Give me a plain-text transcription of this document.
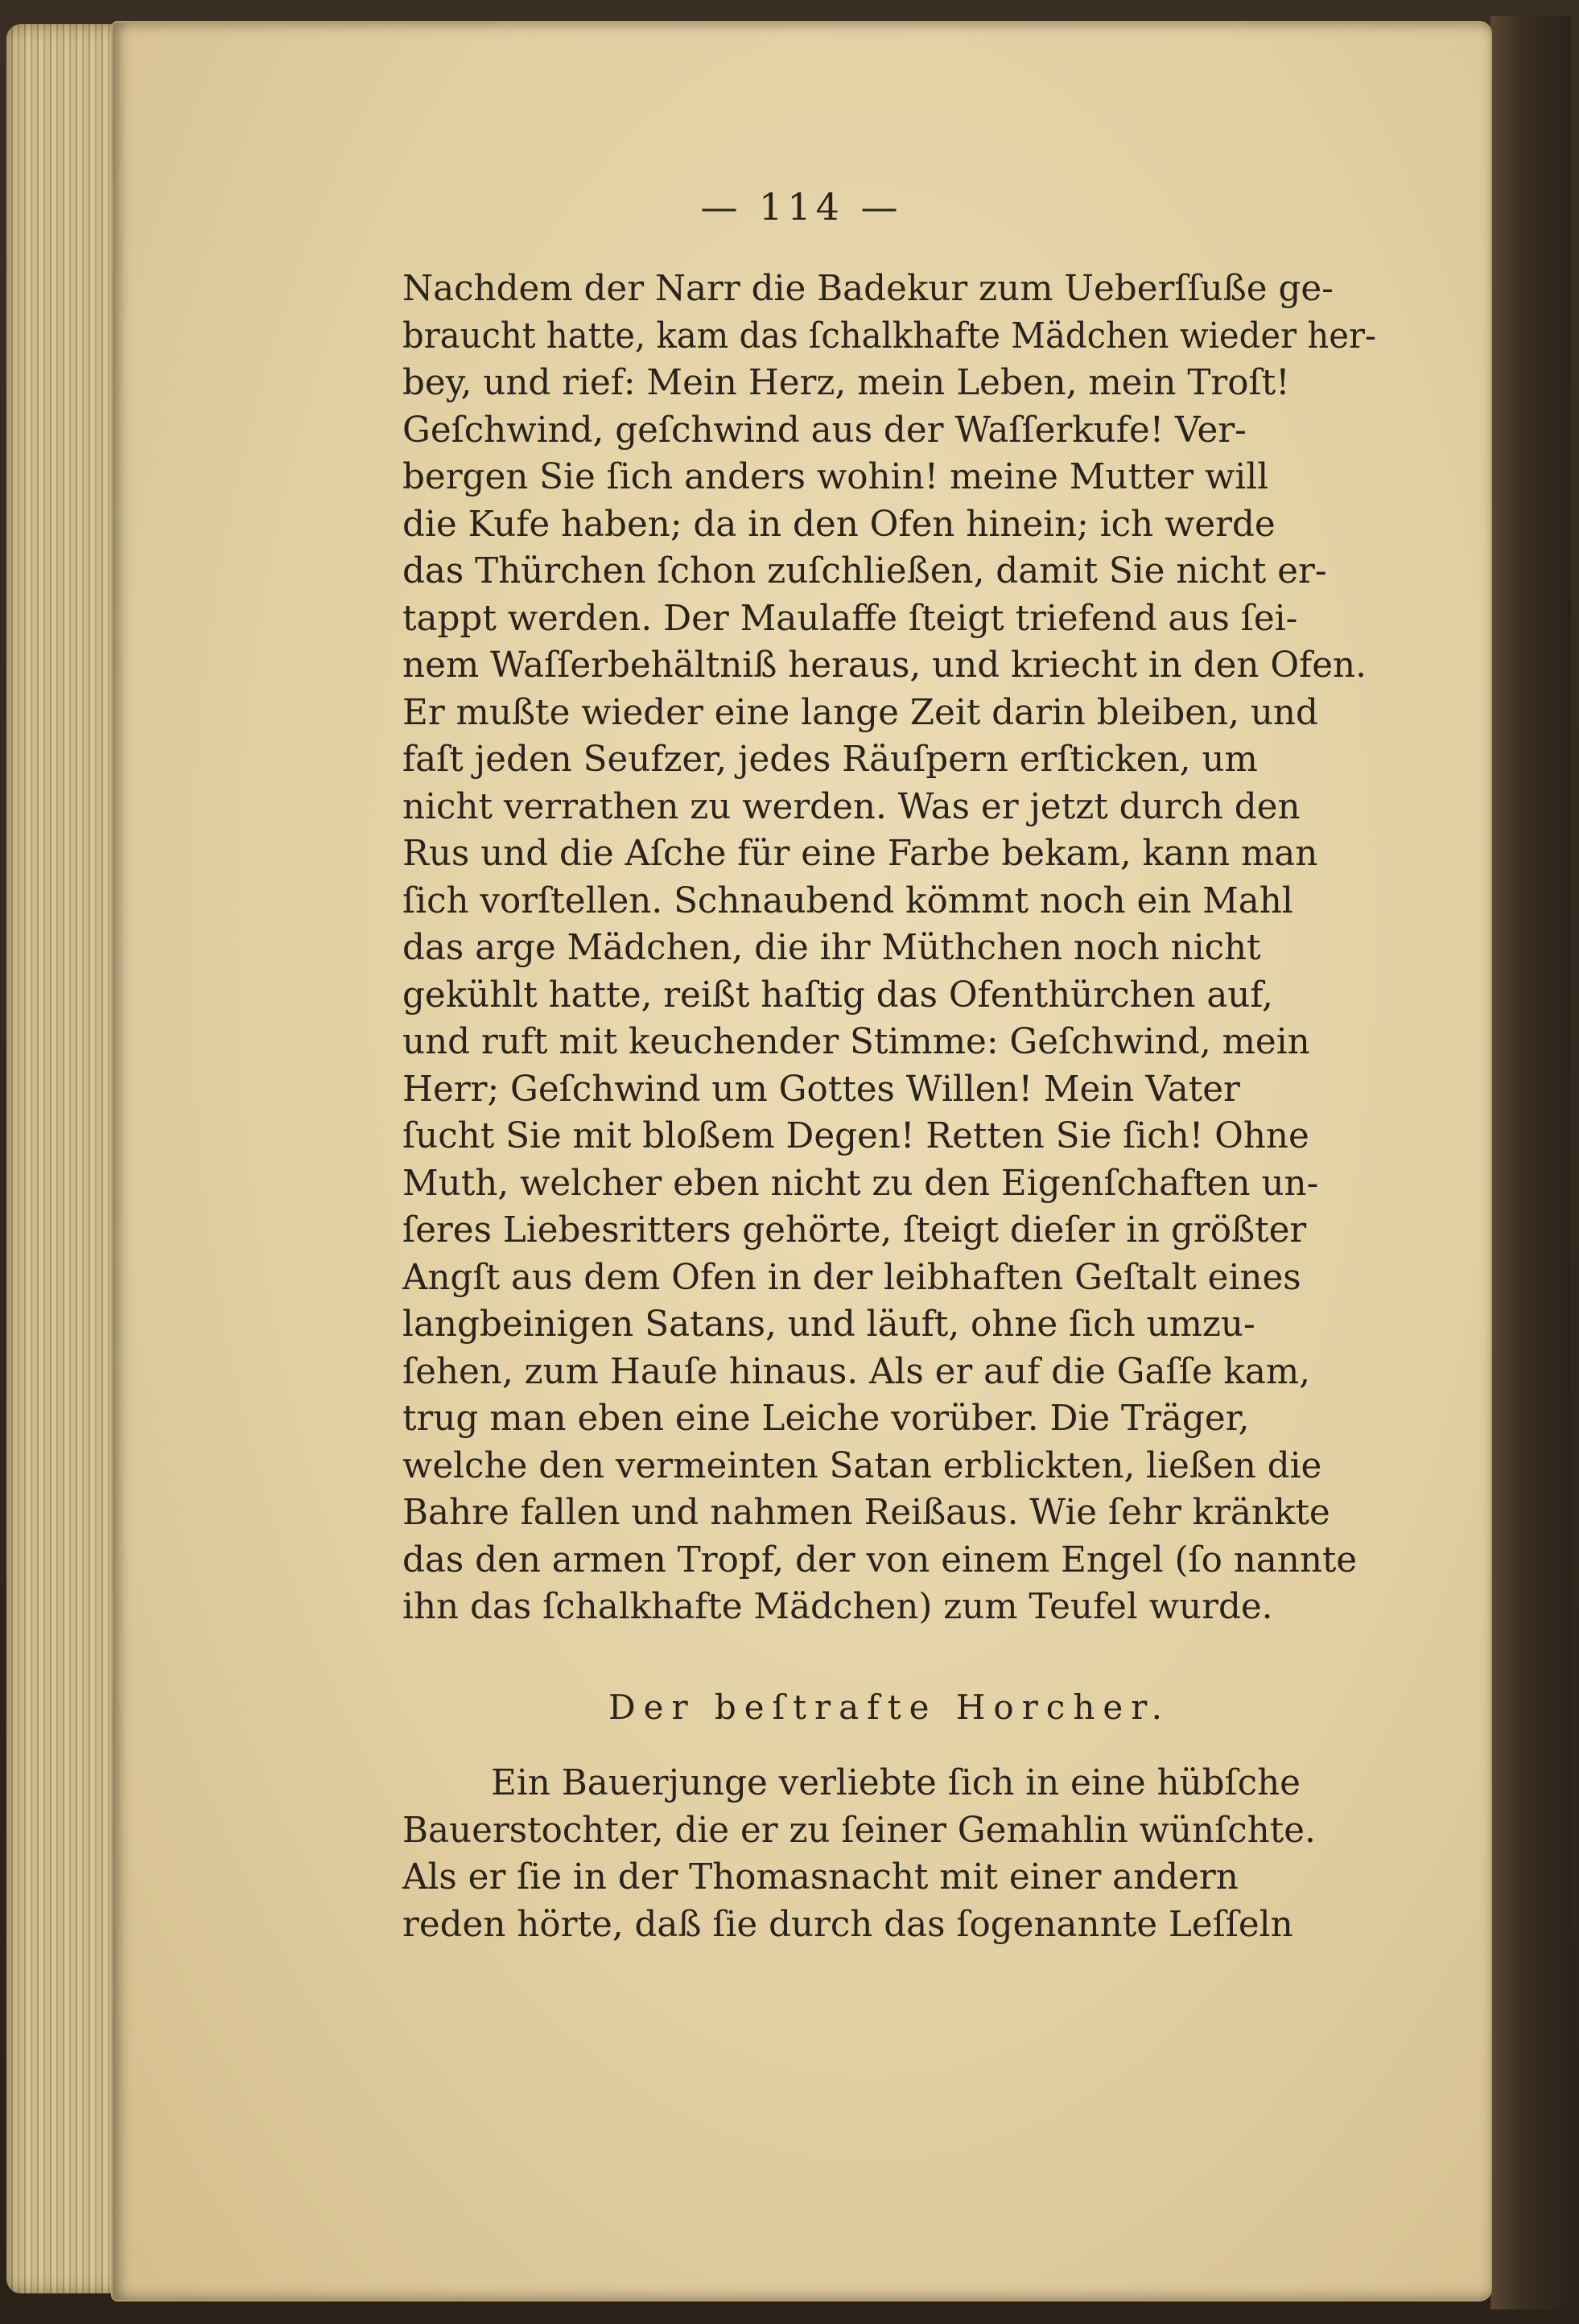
— 114 —
Nachdem der Narr die Badekur zum Ueberſſuße ge-
braucht hatte, kam das ſchalkhafte Mädchen wieder her-
bey, und rief: Mein Herz, mein Leben, mein Troſt!
Geſchwind, geſchwind aus der Waſſerkufe! Ver-
bergen Sie ſich anders wohin! meine Mutter will
die Kufe haben; da in den Ofen hinein; ich werde
das Thürchen ſchon zuſchließen, damit Sie nicht er-
tappt werden. Der Maulaffe ſteigt triefend aus ſei-
nem Waſſerbehältniß heraus, und kriecht in den Ofen.
Er mußte wieder eine lange Zeit darin bleiben, und
faſt jeden Seufzer, jedes Räuſpern erſticken, um
nicht verrathen zu werden. Was er jetzt durch den
Rus und die Aſche für eine Farbe bekam, kann man
ſich vorſtellen. Schnaubend kömmt noch ein Mahl
das arge Mädchen, die ihr Müthchen noch nicht
gekühlt hatte, reißt haſtig das Ofenthürchen auf,
und ruft mit keuchender Stimme: Geſchwind, mein
Herr; Geſchwind um Gottes Willen! Mein Vater
ſucht Sie mit bloßem Degen! Retten Sie ſich! Ohne
Muth, welcher eben nicht zu den Eigenſchaften un-
ſeres Liebesritters gehörte, ſteigt dieſer in größter
Angſt aus dem Ofen in der leibhaften Geſtalt eines
langbeinigen Satans, und läuft, ohne ſich umzu-
ſehen, zum Hauſe hinaus. Als er auf die Gaſſe kam,
trug man eben eine Leiche vorüber. Die Träger,
welche den vermeinten Satan erblickten, ließen die
Bahre fallen und nahmen Reißaus. Wie ſehr kränkte
das den armen Tropf, der von einem Engel (ſo nannte
ihn das ſchalkhafte Mädchen) zum Teufel wurde.
Der beſtrafte Horcher.
Ein Bauerjunge verliebte ſich in eine hübſche
Bauerstochter, die er zu ſeiner Gemahlin wünſchte.
Als er ſie in der Thomasnacht mit einer andern
reden hörte, daß ſie durch das ſogenannte Leſſeln
